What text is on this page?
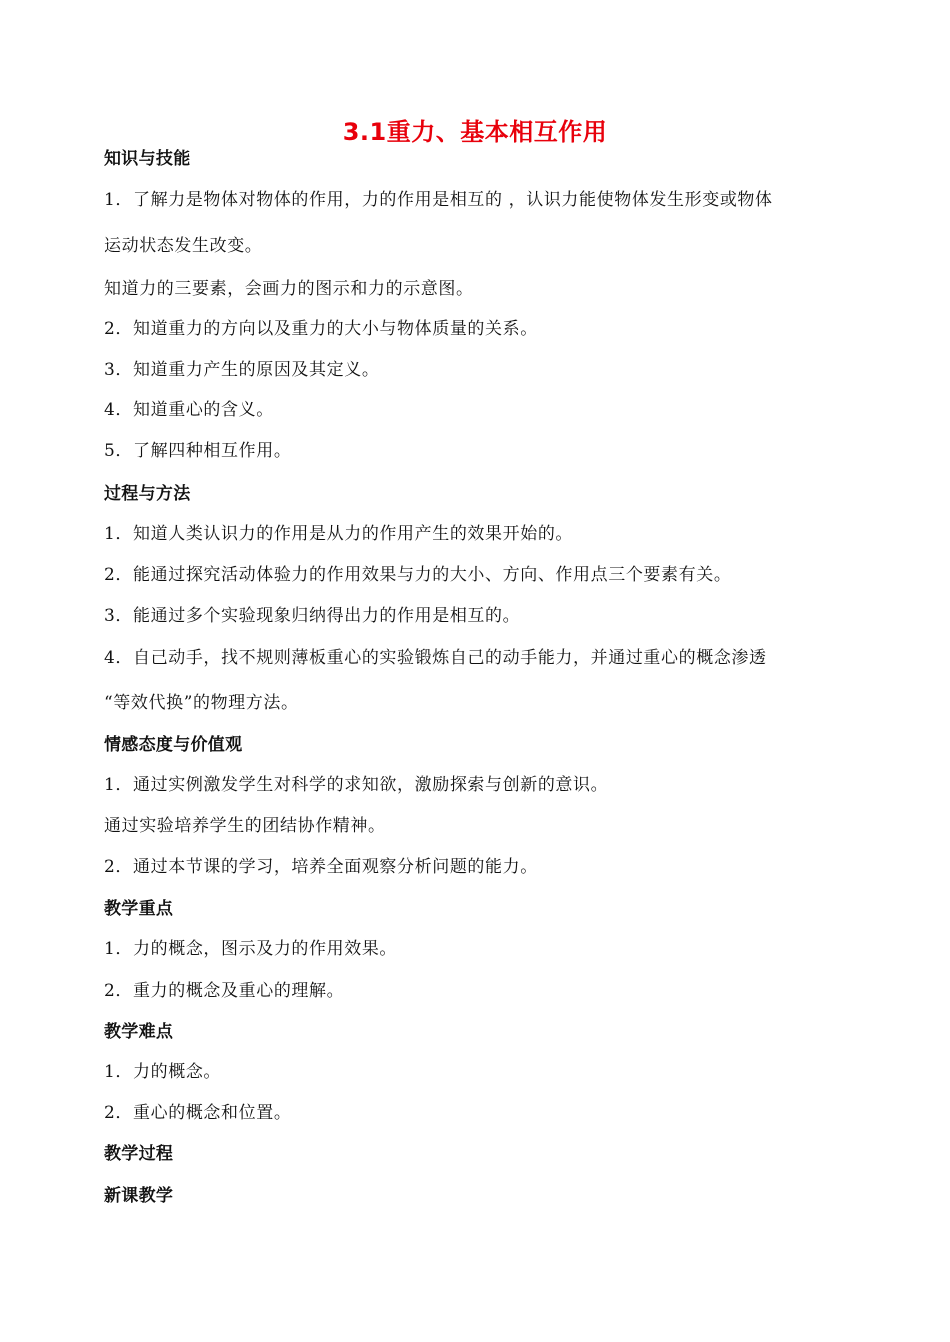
3.1重力、基本相互作用
知识与技能
1．了解力是物体对物体的作用，力的作用是相互的 ，认识力能使物体发生形变或物体
运动状态发生改变。
知道力的三要素，会画力的图示和力的示意图。
2．知道重力的方向以及重力的大小与物体质量的关系。
3．知道重力产生的原因及其定义。
4．知道重心的含义。
5．了解四种相互作用。
过程与方法
1．知道人类认识力的作用是从力的作用产生的效果开始的。
2．能通过探究活动体验力的作用效果与力的大小、方向、作用点三个要素有关。
3．能通过多个实验现象归纳得出力的作用是相互的。
4．自己动手，找不规则薄板重心的实验锻炼自己的动手能力，并通过重心的概念渗透
“等效代换”的物理方法。
情感态度与价值观
1．通过实例激发学生对科学的求知欲，激励探索与创新的意识。
通过实验培养学生的团结协作精神。
2．通过本节课的学习，培养全面观察分析问题的能力。
教学重点
1．力的概念，图示及力的作用效果。
2．重力的概念及重心的理解。
教学难点
1．力的概念。
2．重心的概念和位置。
教学过程
新课教学
